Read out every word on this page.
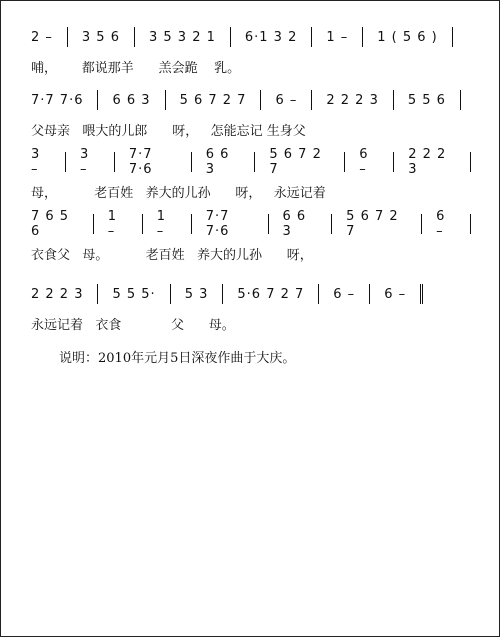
2 – 3 5 6 3 5 3 2 1 6·1 3 2 1 – 1 ( 5 6 )
哺，      都说那羊      羔会跪    乳。
7·7 7·6 6 6 3 5 6 7 2 7 6 – 2 2 2 3 5 5 6
父母亲   喂大的儿郎      呀，   怎能忘记 生身父
3 –
3 –
7·7 7·6
6 6 3
5 6 7 2 7
6 –
2 2 2 3
母，         老百姓   养大的儿孙      呀，   永远记着
7 6 5 6
1 –
1 –
7·7 7·6
6 6 3
5 6 7 2 7
6 –
衣食父   母。         老百姓   养大的儿孙      呀，
2 2 2 3 5 5 5· 5 3 5·6 7 2 7 6 – 6 –
永远记着   衣食            父      母。
说明：2010年元月5日深夜作曲于大庆。
